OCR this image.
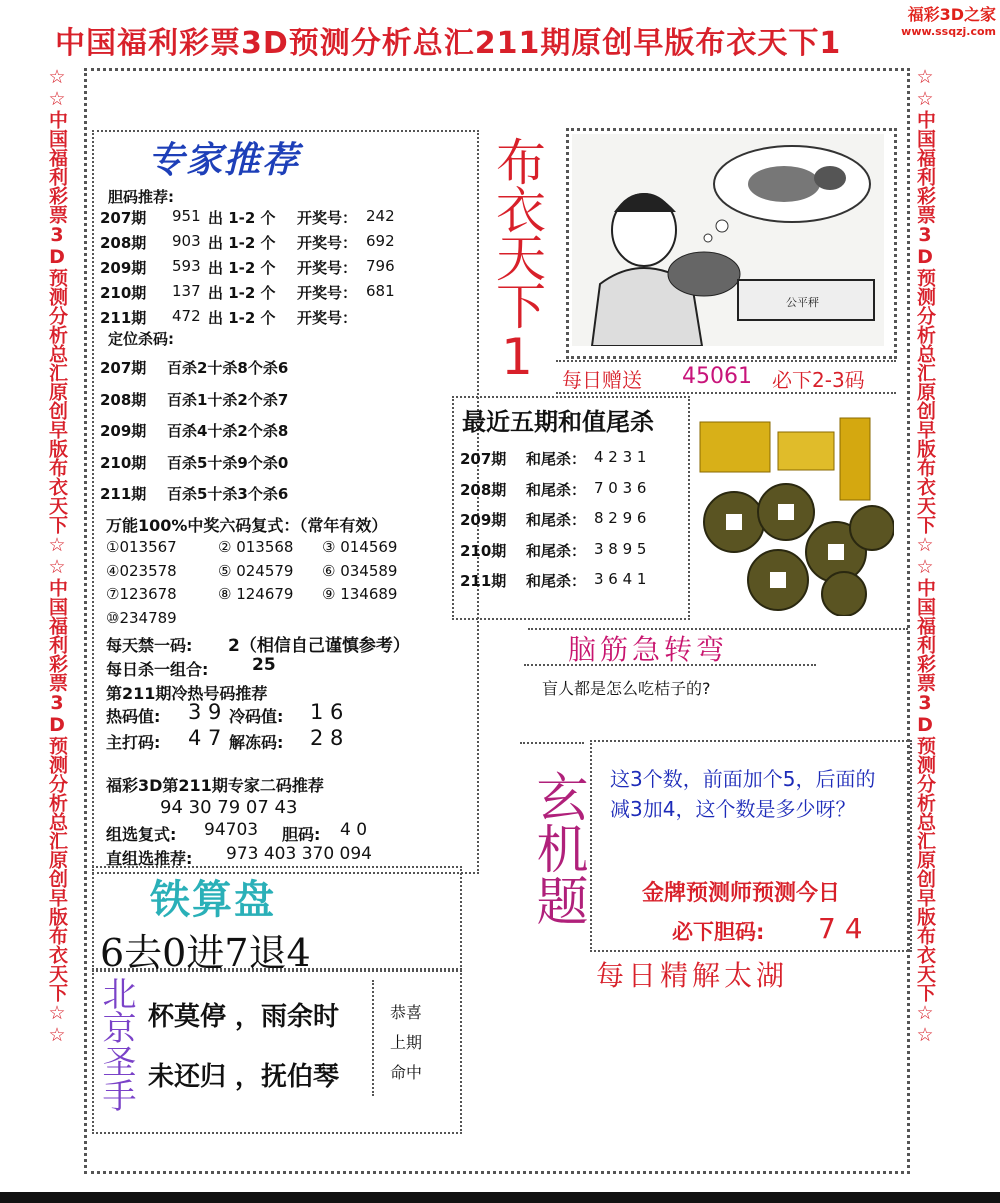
福彩3D之家
www.ssqzj.com
中国福利彩票3D预测分析总汇211期原创早版布衣天下1
☆☆中国福利彩票3D预测分析总汇原创早版布衣天下☆☆中国福利彩票3D预测分析总汇原创早版布衣天下☆☆	☆☆中国福利彩票3D预测分析总汇原创早版布衣天下☆☆中国福利彩票3D预测分析总汇原创早版布衣天下☆☆
专家推荐
胆码推荐:
207期 951 出 1-2 个 开奖号： 242
208期 903 出 1-2 个 开奖号： 692
209期 593 出 1-2 个 开奖号： 796
210期 137 出 1-2 个 开奖号： 681
211期 472 出 1-2 个 开奖号：
定位杀码:
207期 百杀2十杀8个杀6
208期 百杀1十杀2个杀7
209期 百杀4十杀2个杀8
210期 百杀5十杀9个杀0
211期 百杀5十杀3个杀6
万能100%中奖六码复式：（常年有效）
①013567	② 013568 ③ 014569
④023578	⑤ 024579 ⑥ 034589
⑦123678	⑧ 124679 ⑨ 134689
⑩234789
每天禁一码: 2（相信自己谨慎参考）
每日杀一组合:	25
第211期冷热号码推荐
热码值: 3 9 冷码值: 1 6
主打码: 4 7 解冻码: 2 8
福彩3D第211期专家二码推荐
94 30 79 07 43
组选复式: 94703 胆码: 4 0
直组选推荐: 973 403 370 094
布衣天下1	公平秤
每日赠送 45061 必下2-3码
最近五期和值尾杀
207期 和尾杀： 4 2 3 1
208期 和尾杀： 7 0 3 6
209期 和尾杀： 8 2 9 6
210期 和尾杀： 3 8 9 5
211期 和尾杀： 3 6 4 1
脑筋急转弯
盲人都是怎么吃桔子的?
玄机题 这3个数，前面加个5，后面的减3加4，这个数是多少呀？
金牌预测师预测今日
必下胆码: 7 4
每日精解太湖
铁算盘
6去0进7退4
北京圣手 杯莫停 ，雨余时
未还归 ，抚伯琴
恭喜
上期
命中
